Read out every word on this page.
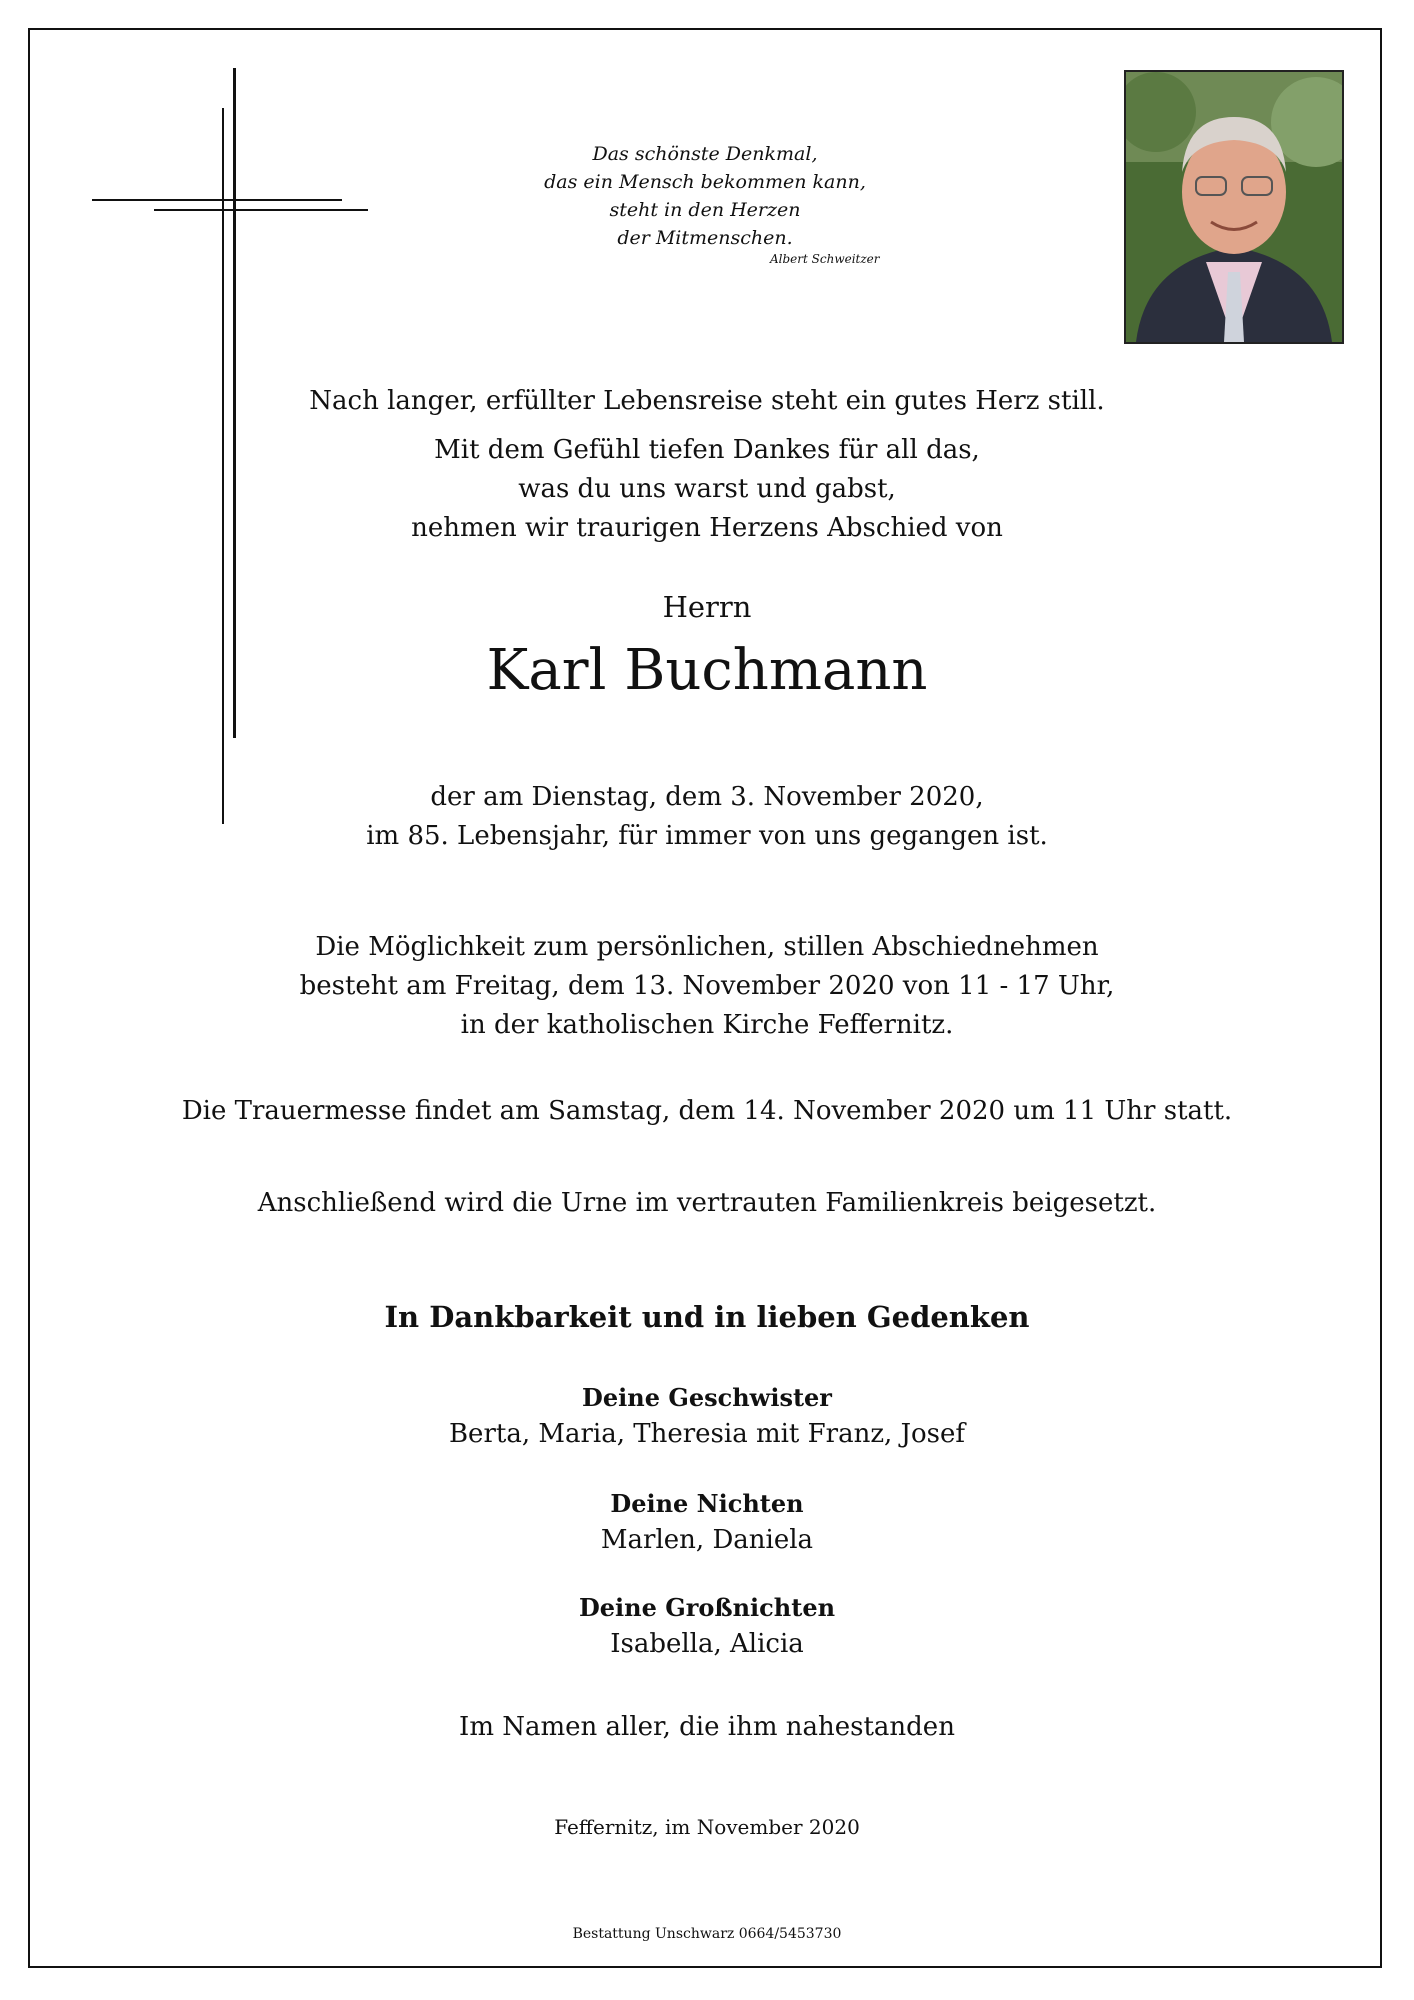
Das schönste Denkmal,
das ein Mensch bekommen kann,
steht in den Herzen
der Mitmenschen.
Albert Schweitzer
Nach langer, erfüllter Lebensreise steht ein gutes Herz still.
Mit dem Gefühl tiefen Dankes für all das,
was du uns warst und gabst,
nehmen wir traurigen Herzens Abschied von
Herrn
Karl Buchmann
der am Dienstag, dem 3. November 2020,
im 85. Lebensjahr, für immer von uns gegangen ist.
Die Möglichkeit zum persönlichen, stillen Abschiednehmen
besteht am Freitag, dem 13. November 2020 von 11 - 17 Uhr,
in der katholischen Kirche Feffernitz.
Die Trauermesse findet am Samstag, dem 14. November 2020 um 11 Uhr statt.
Anschließend wird die Urne im vertrauten Familienkreis beigesetzt.
In Dankbarkeit und in lieben Gedenken
Deine Geschwister
Berta, Maria, Theresia mit Franz, Josef
Deine Nichten
Marlen, Daniela
Deine Großnichten
Isabella, Alicia
Im Namen aller, die ihm nahestanden
Feffernitz, im November 2020
Bestattung Unschwarz 0664/5453730
